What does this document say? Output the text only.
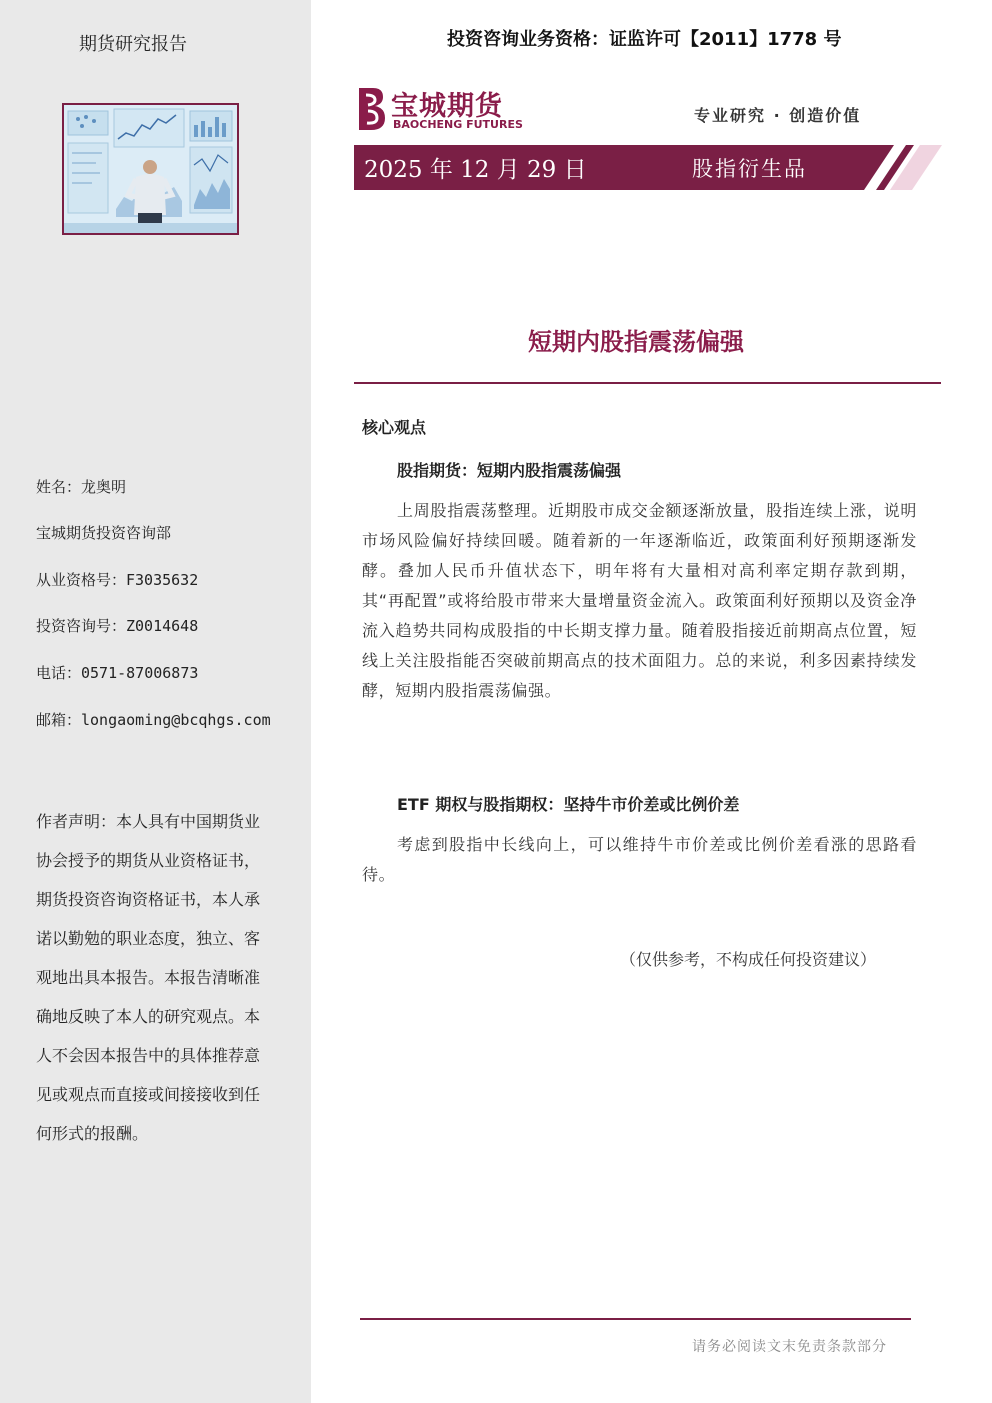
期货研究报告
姓名：龙奥明
宝城期货投资咨询部
从业资格号：F3035632
投资咨询号：Z0014648
电话：0571-87006873
邮箱：longaoming@bcqhgs.com
作者声明：本人具有中国期货业协会授予的期货从业资格证书，期货投资咨询资格证书，本人承诺以勤勉的职业态度，独立、客观地出具本报告。本报告清晰准确地反映了本人的研究观点。本人不会因本报告中的具体推荐意见或观点而直接或间接接收到任何形式的报酬。
投资咨询业务资格：证监许可【2011】1778 号
宝城期货
BAOCHENG FUTURES	专业研究 · 创造价值
2025 年 12 月 29 日	股指衍生品
短期内股指震荡偏强
核心观点
股指期货：短期内股指震荡偏强
上周股指震荡整理。近期股市成交金额逐渐放量，股指连续上涨，说明市场风险偏好持续回暖。随着新的一年逐渐临近，政策面利好预期逐渐发酵。叠加人民币升值状态下，明年将有大量相对高利率定期存款到期，其“再配置”或将给股市带来大量增量资金流入。政策面利好预期以及资金净流入趋势共同构成股指的中长期支撑力量。随着股指接近前期高点位置，短线上关注股指能否突破前期高点的技术面阻力。总的来说，利多因素持续发酵，短期内股指震荡偏强。
ETF 期权与股指期权：坚持牛市价差或比例价差
考虑到股指中长线向上，可以维持牛市价差或比例价差看涨的思路看待。
（仅供参考，不构成任何投资建议）
请务必阅读文末免责条款部分
